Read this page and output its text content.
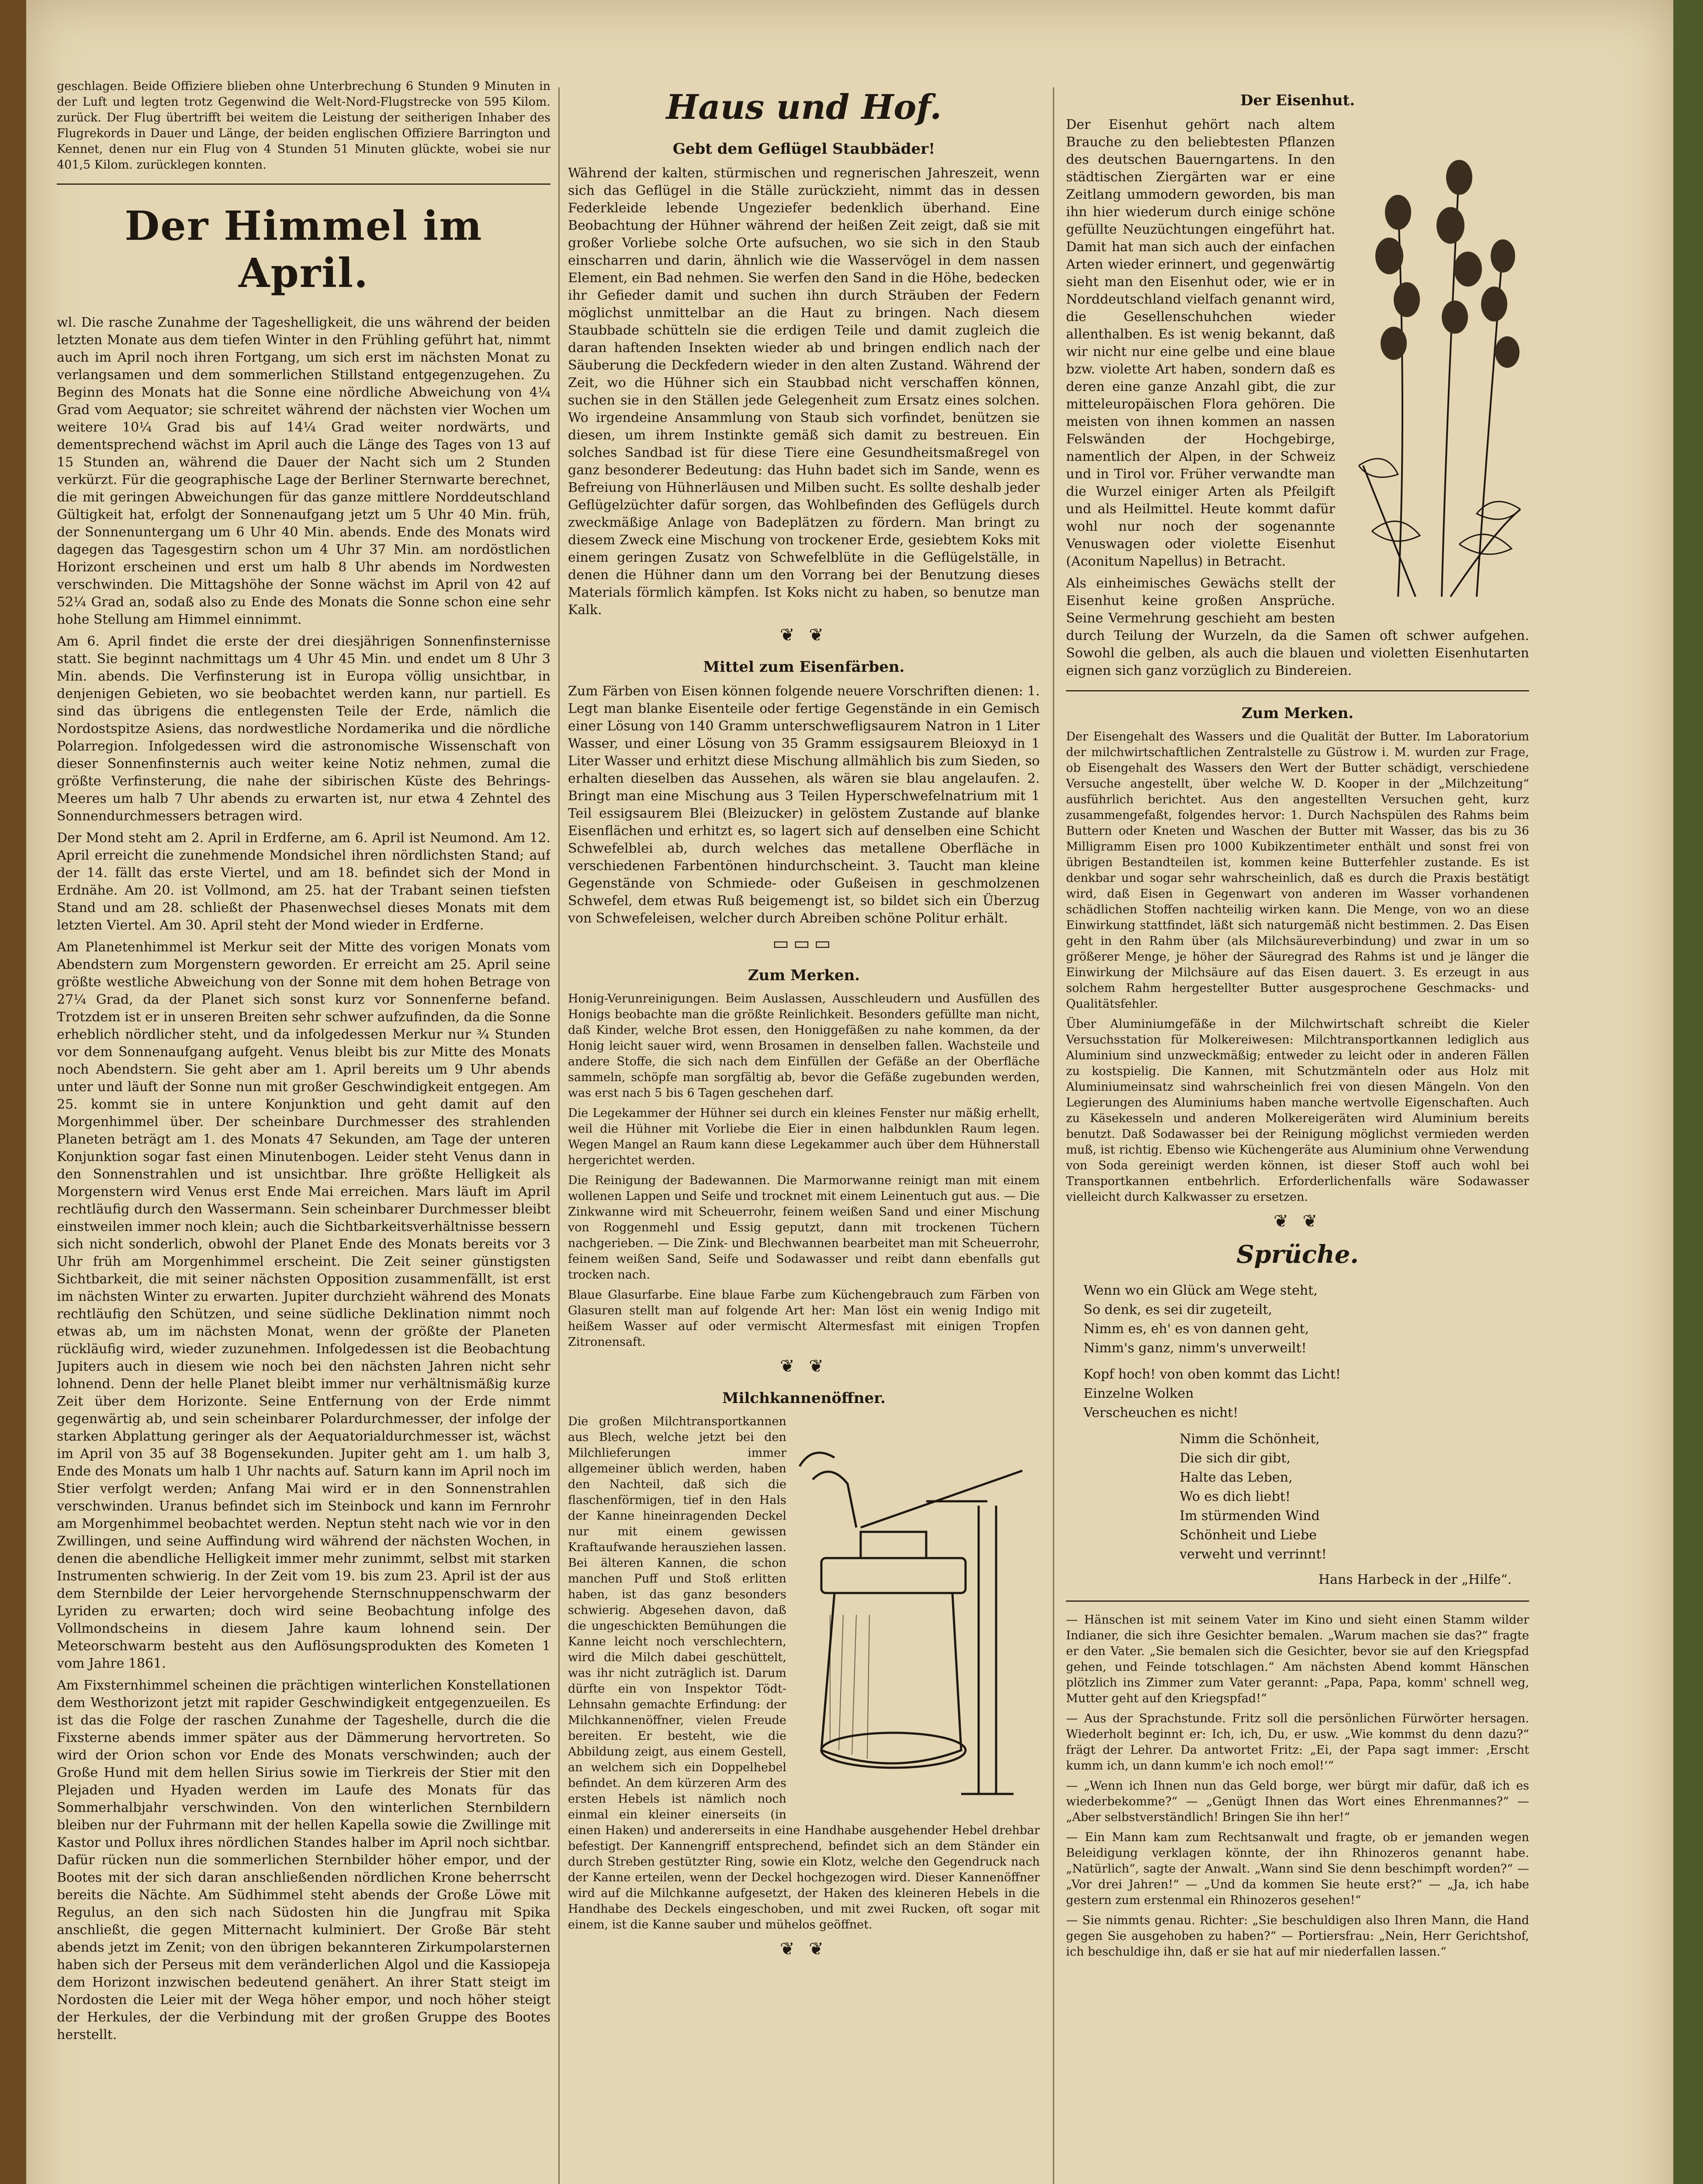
geschlagen. Beide Offiziere blieben ohne Unterbrechung 6 Stunden 9 Minuten in der Luft und legten trotz Gegenwind die Welt-Nord-Flugstrecke von 595 Kilom. zurück. Der Flug übertrifft bei weitem die Leistung der seitherigen Inhaber des Flugrekords in Dauer und Länge, der beiden englischen Offiziere Barrington und Kennet, denen nur ein Flug von 4 Stunden 51 Minuten glückte, wobei sie nur 401,5 Kilom. zurücklegen konnten.

Der Himmel im April.

wl. Die rasche Zunahme der Tageshelligkeit, die uns während der beiden letzten Monate aus dem tiefen Winter in den Frühling geführt hat, nimmt auch im April noch ihren Fortgang, um sich erst im nächsten Monat zu verlangsamen und dem sommerlichen Stillstand entgegenzugehen. Zu Beginn des Monats hat die Sonne eine nördliche Abweichung von 4¼ Grad vom Aequator; sie schreitet während der nächsten vier Wochen um weitere 10¼ Grad bis auf 14¼ Grad weiter nordwärts, und dementsprechend wächst im April auch die Länge des Tages von 13 auf 15 Stunden an, während die Dauer der Nacht sich um 2 Stunden verkürzt. Für die geographische Lage der Berliner Sternwarte berechnet, die mit geringen Abweichungen für das ganze mittlere Norddeutschland Gültigkeit hat, erfolgt der Sonnenaufgang jetzt um 5 Uhr 40 Min. früh, der Sonnenuntergang um 6 Uhr 40 Min. abends. Ende des Monats wird dagegen das Tagesgestirn schon um 4 Uhr 37 Min. am nordöstlichen Horizont erscheinen und erst um halb 8 Uhr abends im Nordwesten verschwinden. Die Mittagshöhe der Sonne wächst im April von 42 auf 52¼ Grad an, sodaß also zu Ende des Monats die Sonne schon eine sehr hohe Stellung am Himmel einnimmt.

Am 6. April findet die erste der drei diesjährigen Sonnenfinsternisse statt. Sie beginnt nachmittags um 4 Uhr 45 Min. und endet um 8 Uhr 3 Min. abends. Die Verfinsterung ist in Europa völlig unsichtbar, in denjenigen Gebieten, wo sie beobachtet werden kann, nur partiell. Es sind das übrigens die entlegensten Teile der Erde, nämlich die Nordostspitze Asiens, das nordwestliche Nordamerika und die nördliche Polarregion. Infolgedessen wird die astronomische Wissenschaft von dieser Sonnenfinsternis auch weiter keine Notiz nehmen, zumal die größte Verfinsterung, die nahe der sibirischen Küste des Behrings-Meeres um halb 7 Uhr abends zu erwarten ist, nur etwa 4 Zehntel des Sonnendurchmessers betragen wird.

Der Mond steht am 2. April in Erdferne, am 6. April ist Neumond. Am 12. April erreicht die zunehmende Mondsichel ihren nördlichsten Stand; auf der 14. fällt das erste Viertel, und am 18. befindet sich der Mond in Erdnähe. Am 20. ist Vollmond, am 25. hat der Trabant seinen tiefsten Stand und am 28. schließt der Phasenwechsel dieses Monats mit dem letzten Viertel. Am 30. April steht der Mond wieder in Erdferne.

Am Planetenhimmel ist Merkur seit der Mitte des vorigen Monats vom Abendstern zum Morgenstern geworden. Er erreicht am 25. April seine größte westliche Abweichung von der Sonne mit dem hohen Betrage von 27¼ Grad, da der Planet sich sonst kurz vor Sonnenferne befand. Trotzdem ist er in unseren Breiten sehr schwer aufzufinden, da die Sonne erheblich nördlicher steht, und da infolgedessen Merkur nur ¾ Stunden vor dem Sonnenaufgang aufgeht. Venus bleibt bis zur Mitte des Monats noch Abendstern. Sie geht aber am 1. April bereits um 9 Uhr abends unter und läuft der Sonne nun mit großer Geschwindigkeit entgegen. Am 25. kommt sie in untere Konjunktion und geht damit auf den Morgenhimmel über. Der scheinbare Durchmesser des strahlenden Planeten beträgt am 1. des Monats 47 Sekunden, am Tage der unteren Konjunktion sogar fast einen Minutenbogen. Leider steht Venus dann in den Sonnenstrahlen und ist unsichtbar. Ihre größte Helligkeit als Morgenstern wird Venus erst Ende Mai erreichen. Mars läuft im April rechtläufig durch den Wassermann. Sein scheinbarer Durchmesser bleibt einstweilen immer noch klein; auch die Sichtbarkeitsverhältnisse bessern sich nicht sonderlich, obwohl der Planet Ende des Monats bereits vor 3 Uhr früh am Morgenhimmel erscheint. Die Zeit seiner günstigsten Sichtbarkeit, die mit seiner nächsten Opposition zusammenfällt, ist erst im nächsten Winter zu erwarten. Jupiter durchzieht während des Monats rechtläufig den Schützen, und seine südliche Deklination nimmt noch etwas ab, um im nächsten Monat, wenn der größte der Planeten rückläufig wird, wieder zuzunehmen. Infolgedessen ist die Beobachtung Jupiters auch in diesem wie noch bei den nächsten Jahren nicht sehr lohnend. Denn der helle Planet bleibt immer nur verhältnismäßig kurze Zeit über dem Horizonte. Seine Entfernung von der Erde nimmt gegenwärtig ab, und sein scheinbarer Polardurchmesser, der infolge der starken Abplattung geringer als der Aequatorialdurchmesser ist, wächst im April von 35 auf 38 Bogensekunden. Jupiter geht am 1. um halb 3, Ende des Monats um halb 1 Uhr nachts auf. Saturn kann im April noch im Stier verfolgt werden; Anfang Mai wird er in den Sonnenstrahlen verschwinden. Uranus befindet sich im Steinbock und kann im Fernrohr am Morgenhimmel beobachtet werden. Neptun steht nach wie vor in den Zwillingen, und seine Auffindung wird während der nächsten Wochen, in denen die abendliche Helligkeit immer mehr zunimmt, selbst mit starken Instrumenten schwierig. In der Zeit vom 19. bis zum 23. April ist der aus dem Sternbilde der Leier hervorgehende Sternschnuppenschwarm der Lyriden zu erwarten; doch wird seine Beobachtung infolge des Vollmondscheins in diesem Jahre kaum lohnend sein. Der Meteorschwarm besteht aus den Auflösungsprodukten des Kometen 1 vom Jahre 1861.

Am Fixsternhimmel scheinen die prächtigen winterlichen Konstellationen dem Westhorizont jetzt mit rapider Geschwindigkeit entgegenzueilen. Es ist das die Folge der raschen Zunahme der Tageshelle, durch die die Fixsterne abends immer später aus der Dämmerung hervortreten. So wird der Orion schon vor Ende des Monats verschwinden; auch der Große Hund mit dem hellen Sirius sowie im Tierkreis der Stier mit den Plejaden und Hyaden werden im Laufe des Monats für das Sommerhalbjahr verschwinden. Von den winterlichen Sternbildern bleiben nur der Fuhrmann mit der hellen Kapella sowie die Zwillinge mit Kastor und Pollux ihres nördlichen Standes halber im April noch sichtbar. Dafür rücken nun die sommerlichen Sternbilder höher empor, und der Bootes mit der sich daran anschließenden nördlichen Krone beherrscht bereits die Nächte. Am Südhimmel steht abends der Große Löwe mit Regulus, an den sich nach Südosten hin die Jungfrau mit Spika anschließt, die gegen Mitternacht kulminiert. Der Große Bär steht abends jetzt im Zenit; von den übrigen bekannteren Zirkumpolarsternen haben sich der Perseus mit dem veränderlichen Algol und die Kassiopeja dem Horizont inzwischen bedeutend genähert. An ihrer Statt steigt im Nordosten die Leier mit der Wega höher empor, und noch höher steigt der Herkules, der die Verbindung mit der großen Gruppe des Bootes herstellt.

Haus und Hof.
Gebt dem Geflügel Staubbäder!

Während der kalten, stürmischen und regnerischen Jahreszeit, wenn sich das Geflügel in die Ställe zurückzieht, nimmt das in dessen Federkleide lebende Ungeziefer bedenklich überhand. Eine Beobachtung der Hühner während der heißen Zeit zeigt, daß sie mit großer Vorliebe solche Orte aufsuchen, wo sie sich in den Staub einscharren und darin, ähnlich wie die Wasservögel in dem nassen Element, ein Bad nehmen. Sie werfen den Sand in die Höhe, bedecken ihr Gefieder damit und suchen ihn durch Sträuben der Federn möglichst unmittelbar an die Haut zu bringen. Nach diesem Staubbade schütteln sie die erdigen Teile und damit zugleich die daran haftenden Insekten wieder ab und bringen endlich nach der Säuberung die Deckfedern wieder in den alten Zustand. Während der Zeit, wo die Hühner sich ein Staubbad nicht verschaffen können, suchen sie in den Ställen jede Gelegenheit zum Ersatz eines solchen. Wo irgendeine Ansammlung von Staub sich vorfindet, benützen sie diesen, um ihrem Instinkte gemäß sich damit zu bestreuen. Ein solches Sandbad ist für diese Tiere eine Gesundheitsmaßregel von ganz besonderer Bedeutung: das Huhn badet sich im Sande, wenn es Befreiung von Hühnerläusen und Milben sucht. Es sollte deshalb jeder Geflügelzüchter dafür sorgen, das Wohlbefinden des Geflügels durch zweckmäßige Anlage von Badeplätzen zu fördern. Man bringt zu diesem Zweck eine Mischung von trockener Erde, gesiebtem Koks mit einem geringen Zusatz von Schwefelblüte in die Geflügelställe, in denen die Hühner dann um den Vorrang bei der Benutzung dieses Materials förmlich kämpfen. Ist Koks nicht zu haben, so benutze man Kalk.

❦ ❦
Mittel zum Eisenfärben.

Zum Färben von Eisen können folgende neuere Vorschriften dienen: 1. Legt man blanke Eisenteile oder fertige Gegenstände in ein Gemisch einer Lösung von 140 Gramm unterschwefligsaurem Natron in 1 Liter Wasser, und einer Lösung von 35 Gramm essigsaurem Bleioxyd in 1 Liter Wasser und erhitzt diese Mischung allmählich bis zum Sieden, so erhalten dieselben das Aussehen, als wären sie blau angelaufen. 2. Bringt man eine Mischung aus 3 Teilen Hyperschwefelnatrium mit 1 Teil essigsaurem Blei (Bleizucker) in gelöstem Zustande auf blanke Eisenflächen und erhitzt es, so lagert sich auf denselben eine Schicht Schwefelblei ab, durch welches das metallene Oberfläche in verschiedenen Farbentönen hindurchscheint. 3. Taucht man kleine Gegenstände von Schmiede- oder Gußeisen in geschmolzenen Schwefel, dem etwas Ruß beigemengt ist, so bildet sich ein Überzug von Schwefeleisen, welcher durch Abreiben schöne Politur erhält.

▭▭▭
Zum Merken.

Honig-Verunreinigungen. Beim Auslassen, Ausschleudern und Ausfüllen des Honigs beobachte man die größte Reinlichkeit. Besonders gefüllte man nicht, daß Kinder, welche Brot essen, den Honiggefäßen zu nahe kommen, da der Honig leicht sauer wird, wenn Brosamen in denselben fallen. Wachsteile und andere Stoffe, die sich nach dem Einfüllen der Gefäße an der Oberfläche sammeln, schöpfe man sorgfältig ab, bevor die Gefäße zugebunden werden, was erst nach 5 bis 6 Tagen geschehen darf.

Die Legekammer der Hühner sei durch ein kleines Fenster nur mäßig erhellt, weil die Hühner mit Vorliebe die Eier in einen halbdunklen Raum legen. Wegen Mangel an Raum kann diese Legekammer auch über dem Hühnerstall hergerichtet werden.

Die Reinigung der Badewannen. Die Marmorwanne reinigt man mit einem wollenen Lappen und Seife und trocknet mit einem Leinentuch gut aus. — Die Zinkwanne wird mit Scheuerrohr, feinem weißen Sand und einer Mischung von Roggenmehl und Essig geputzt, dann mit trockenen Tüchern nachgerieben. — Die Zink- und Blechwannen bearbeitet man mit Scheuerrohr, feinem weißen Sand, Seife und Sodawasser und reibt dann ebenfalls gut trocken nach.

Blaue Glasurfarbe. Eine blaue Farbe zum Küchengebrauch zum Färben von Glasuren stellt man auf folgende Art her: Man löst ein wenig Indigo mit heißem Wasser auf oder vermischt Altermesfast mit einigen Tropfen Zitronensaft.

❦ ❦
Milchkannenöffner.

Die großen Milchtransportkannen aus Blech, welche jetzt bei den Milchlieferungen immer allgemeiner üblich werden, haben den Nachteil, daß sich die flaschenförmigen, tief in den Hals der Kanne hineinragenden Deckel nur mit einem gewissen Kraftaufwande herausziehen lassen. Bei älteren Kannen, die schon manchen Puff und Stoß erlitten haben, ist das ganz besonders schwierig. Abgesehen davon, daß die ungeschickten Bemühungen die Kanne leicht noch verschlechtern, wird die Milch dabei geschüttelt, was ihr nicht zuträglich ist. Darum dürfte ein von Inspektor Tödt-Lehnsahn gemachte Erfindung: der Milchkannenöffner, vielen Freude bereiten. Er besteht, wie die Abbildung zeigt, aus einem Gestell, an welchem sich ein Doppelhebel befindet. An dem kürzeren Arm des ersten Hebels ist nämlich noch einmal ein kleiner einerseits (in einen Haken) und andererseits in eine Handhabe ausgehender Hebel drehbar befestigt. Der Kannengriff entsprechend, befindet sich an dem Ständer ein durch Streben gestützter Ring, sowie ein Klotz, welche den Gegendruck nach der Kanne erteilen, wenn der Deckel hochgezogen wird. Dieser Kannenöffner wird auf die Milchkanne aufgesetzt, der Haken des kleineren Hebels in die Handhabe des Deckels eingeschoben, und mit zwei Rucken, oft sogar mit einem, ist die Kanne sauber und mühelos geöffnet.

❦ ❦
Der Eisenhut.

Der Eisenhut gehört nach altem Brauche zu den beliebtesten Pflanzen des deutschen Bauerngartens. In den städtischen Ziergärten war er eine Zeitlang ummodern geworden, bis man ihn hier wiederum durch einige schöne gefüllte Neuzüchtungen eingeführt hat. Damit hat man sich auch der einfachen Arten wieder erinnert, und gegenwärtig sieht man den Eisenhut oder, wie er in Norddeutschland vielfach genannt wird, die Gesellenschuhchen wieder allenthalben. Es ist wenig bekannt, daß wir nicht nur eine gelbe und eine blaue bzw. violette Art haben, sondern daß es deren eine ganze Anzahl gibt, die zur mitteleuropäischen Flora gehören. Die meisten von ihnen kommen an nassen Felswänden der Hochgebirge, namentlich der Alpen, in der Schweiz und in Tirol vor. Früher verwandte man die Wurzel einiger Arten als Pfeilgift und als Heilmittel. Heute kommt dafür wohl nur noch der sogenannte Venuswagen oder violette Eisenhut (Aconitum Napellus) in Betracht.

Als einheimisches Gewächs stellt der Eisenhut keine großen Ansprüche. Seine Vermehrung geschieht am besten durch Teilung der Wurzeln, da die Samen oft schwer aufgehen. Sowohl die gelben, als auch die blauen und violetten Eisenhutarten eignen sich ganz vorzüglich zu Bindereien.

Zum Merken.

Der Eisengehalt des Wassers und die Qualität der Butter. Im Laboratorium der milchwirtschaftlichen Zentralstelle zu Güstrow i. M. wurden zur Frage, ob Eisengehalt des Wassers den Wert der Butter schädigt, verschiedene Versuche angestellt, über welche W. D. Kooper in der „Milchzeitung“ ausführlich berichtet. Aus den angestellten Versuchen geht, kurz zusammengefaßt, folgendes hervor: 1. Durch Nachspülen des Rahms beim Buttern oder Kneten und Waschen der Butter mit Wasser, das bis zu 36 Milligramm Eisen pro 1000 Kubikzentimeter enthält und sonst frei von übrigen Bestandteilen ist, kommen keine Butterfehler zustande. Es ist denkbar und sogar sehr wahrscheinlich, daß es durch die Praxis bestätigt wird, daß Eisen in Gegenwart von anderen im Wasser vorhandenen schädlichen Stoffen nachteilig wirken kann. Die Menge, von wo an diese Einwirkung stattfindet, läßt sich naturgemäß nicht bestimmen. 2. Das Eisen geht in den Rahm über (als Milchsäureverbindung) und zwar in um so größerer Menge, je höher der Säuregrad des Rahms ist und je länger die Einwirkung der Milchsäure auf das Eisen dauert. 3. Es erzeugt in aus solchem Rahm hergestellter Butter ausgesprochene Geschmacks- und Qualitätsfehler.

Über Aluminiumgefäße in der Milchwirtschaft schreibt die Kieler Versuchsstation für Molkereiwesen: Milchtransportkannen lediglich aus Aluminium sind unzweckmäßig; entweder zu leicht oder in anderen Fällen zu kostspielig. Die Kannen, mit Schutzmänteln oder aus Holz mit Aluminiumeinsatz sind wahrscheinlich frei von diesen Mängeln. Von den Legierungen des Aluminiums haben manche wertvolle Eigenschaften. Auch zu Käsekesseln und anderen Molkereigeräten wird Aluminium bereits benutzt. Daß Sodawasser bei der Reinigung möglichst vermieden werden muß, ist richtig. Ebenso wie Küchengeräte aus Aluminium ohne Verwendung von Soda gereinigt werden können, ist dieser Stoff auch wohl bei Transportkannen entbehrlich. Erforderlichenfalls wäre Sodawasser vielleicht durch Kalkwasser zu ersetzen.

❦ ❦
Sprüche.

Wenn wo ein Glück am Wege steht,

So denk, es sei dir zugeteilt,

Nimm es, eh' es von dannen geht,

Nimm's ganz, nimm's unverweilt!

Kopf hoch! von oben kommt das Licht!

Einzelne Wolken

Verscheuchen es nicht!

Nimm die Schönheit,

Die sich dir gibt,

Halte das Leben,

Wo es dich liebt!

Im stürmenden Wind

Schönheit und Liebe

verweht und verrinnt!

Hans Harbeck in der „Hilfe“.

— Hänschen ist mit seinem Vater im Kino und sieht einen Stamm wilder Indianer, die sich ihre Gesichter bemalen. „Warum machen sie das?“ fragte er den Vater. „Sie bemalen sich die Gesichter, bevor sie auf den Kriegspfad gehen, und Feinde totschlagen.“ Am nächsten Abend kommt Hänschen plötzlich ins Zimmer zum Vater gerannt: „Papa, Papa, komm' schnell weg, Mutter geht auf den Kriegspfad!“

— Aus der Sprachstunde. Fritz soll die persönlichen Fürwörter hersagen. Wiederholt beginnt er: Ich, ich, Du, er usw. „Wie kommst du denn dazu?“ frägt der Lehrer. Da antwortet Fritz: „Ei, der Papa sagt immer: ‚Erscht kumm ich, un dann kumm'e ich noch emol!‘“

— „Wenn ich Ihnen nun das Geld borge, wer bürgt mir dafür, daß ich es wiederbekomme?“ — „Genügt Ihnen das Wort eines Ehrenmannes?“ — „Aber selbstverständlich! Bringen Sie ihn her!“

— Ein Mann kam zum Rechtsanwalt und fragte, ob er jemanden wegen Beleidigung verklagen könnte, der ihn Rhinozeros genannt habe. „Natürlich“, sagte der Anwalt. „Wann sind Sie denn beschimpft worden?“ — „Vor drei Jahren!“ — „Und da kommen Sie heute erst?“ — „Ja, ich habe gestern zum erstenmal ein Rhinozeros gesehen!“

— Sie nimmts genau. Richter: „Sie beschuldigen also Ihren Mann, die Hand gegen Sie ausgehoben zu haben?“ — Portiersfrau: „Nein, Herr Gerichtshof, ich beschuldige ihn, daß er sie hat auf mir niederfallen lassen.“
